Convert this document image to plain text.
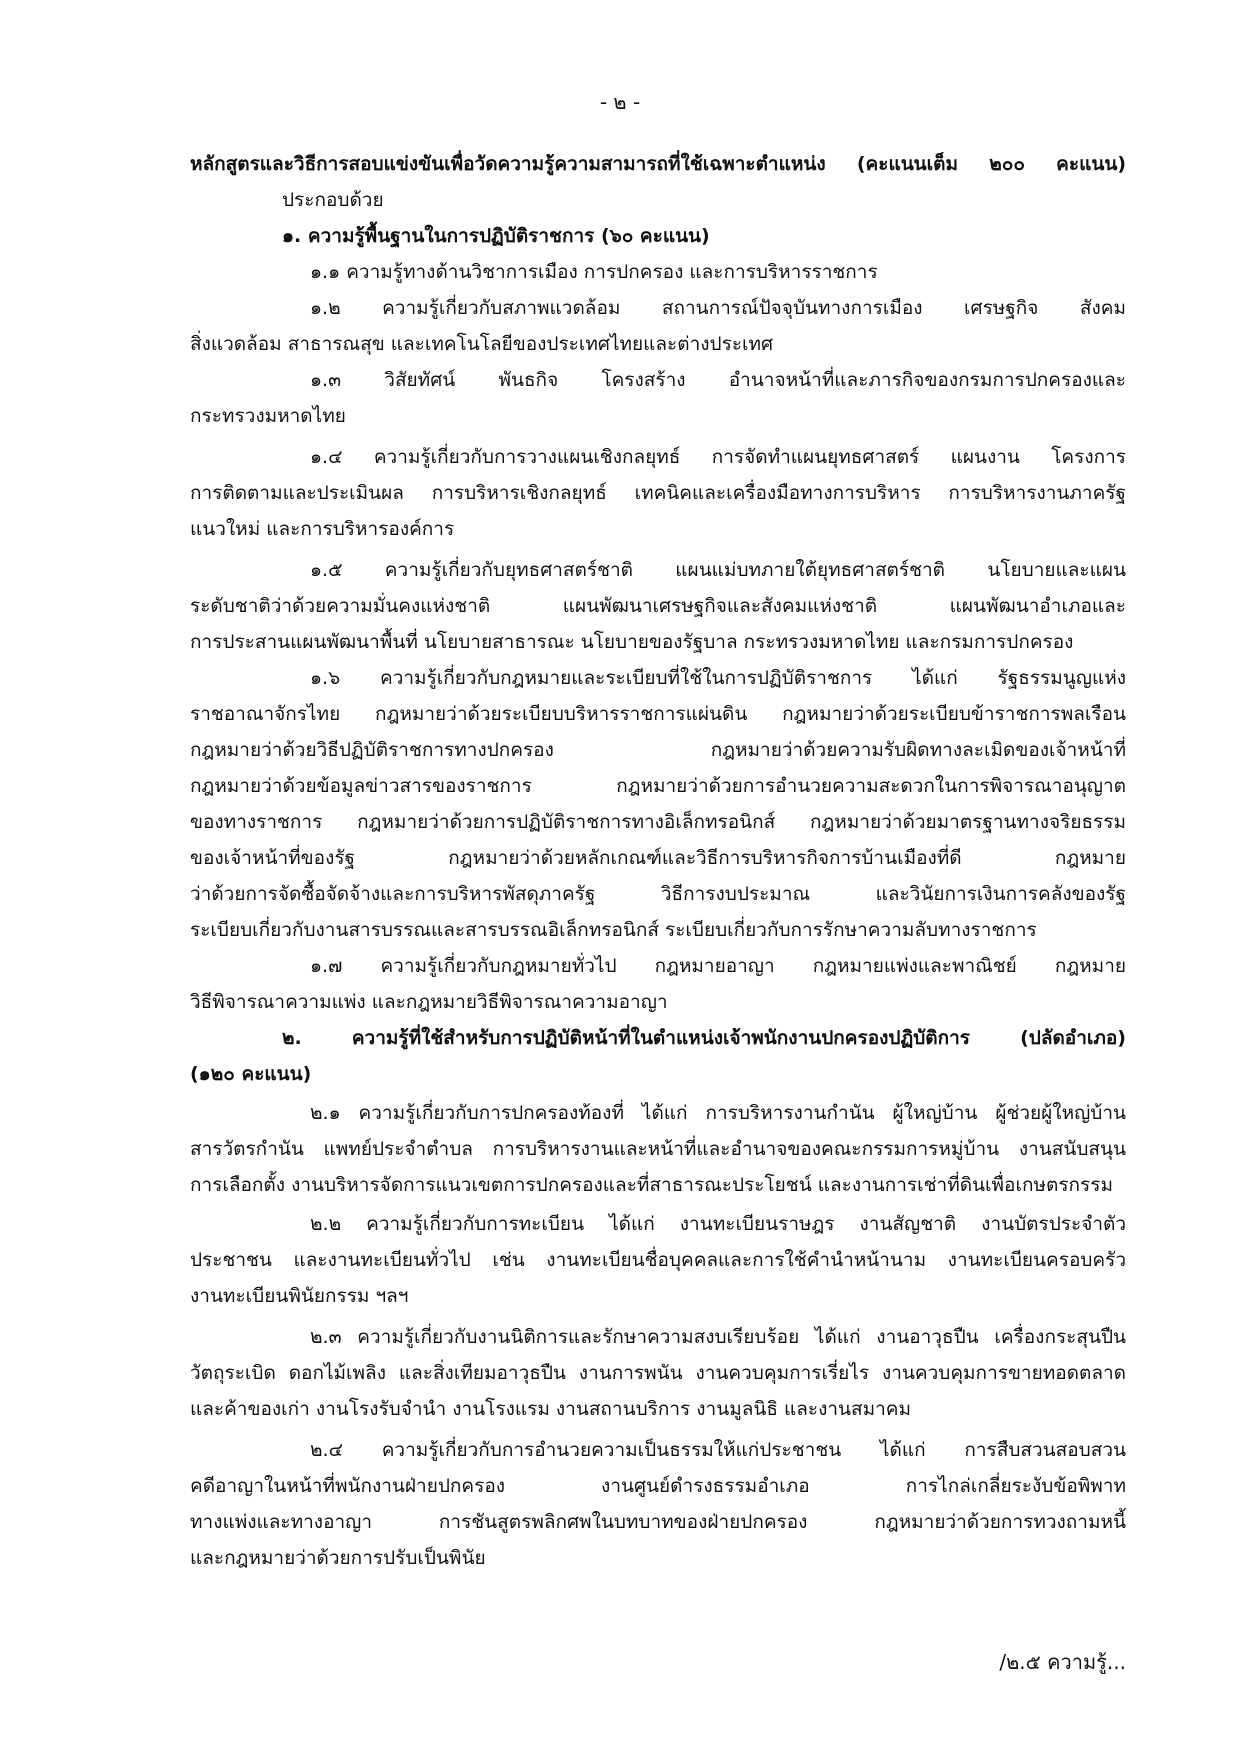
- ๒ -
หลักสูตรและวิธีการสอบแข่งขันเพื่อวัดความรู้ความสามารถที่ใช้เฉพาะตำแหน่ง (คะแนนเต็ม ๒๐๐ คะแนน)
ประกอบด้วย
๑. ความรู้พื้นฐานในการปฏิบัติราชการ (๖๐ คะแนน)
๑.๑ ความรู้ทางด้านวิชาการเมือง การปกครอง และการบริหารราชการ
๑.๒ ความรู้เกี่ยวกับสภาพแวดล้อม สถานการณ์ปัจจุบันทางการเมือง เศรษฐกิจ สังคม
สิ่งแวดล้อม สาธารณสุข และเทคโนโลยีของประเทศไทยและต่างประเทศ
๑.๓ วิสัยทัศน์ พันธกิจ โครงสร้าง อำนาจหน้าที่และภารกิจของกรมการปกครองและ
กระทรวงมหาดไทย
๑.๔ ความรู้เกี่ยวกับการวางแผนเชิงกลยุทธ์ การจัดทำแผนยุทธศาสตร์ แผนงาน โครงการ
การติดตามและประเมินผล การบริหารเชิงกลยุทธ์ เทคนิคและเครื่องมือทางการบริหาร การบริหารงานภาครัฐ
แนวใหม่ และการบริหารองค์การ
๑.๕ ความรู้เกี่ยวกับยุทธศาสตร์ชาติ แผนแม่บทภายใต้ยุทธศาสตร์ชาติ นโยบายและแผน
ระดับชาติว่าด้วยความมั่นคงแห่งชาติ แผนพัฒนาเศรษฐกิจและสังคมแห่งชาติ แผนพัฒนาอำเภอและ
การประสานแผนพัฒนาพื้นที่ นโยบายสาธารณะ นโยบายของรัฐบาล กระทรวงมหาดไทย และกรมการปกครอง
๑.๖ ความรู้เกี่ยวกับกฎหมายและระเบียบที่ใช้ในการปฏิบัติราชการ ได้แก่ รัฐธรรมนูญแห่ง
ราชอาณาจักรไทย กฎหมายว่าด้วยระเบียบบริหารราชการแผ่นดิน กฎหมายว่าด้วยระเบียบข้าราชการพลเรือน
กฎหมายว่าด้วยวิธีปฏิบัติราชการทางปกครอง กฎหมายว่าด้วยความรับผิดทางละเมิดของเจ้าหน้าที่
กฎหมายว่าด้วยข้อมูลข่าวสารของราชการ กฎหมายว่าด้วยการอำนวยความสะดวกในการพิจารณาอนุญาต
ของทางราชการ กฎหมายว่าด้วยการปฏิบัติราชการทางอิเล็กทรอนิกส์ กฎหมายว่าด้วยมาตรฐานทางจริยธรรม
ของเจ้าหน้าที่ของรัฐ กฎหมายว่าด้วยหลักเกณฑ์และวิธีการบริหารกิจการบ้านเมืองที่ดี กฎหมาย
ว่าด้วยการจัดซื้อจัดจ้างและการบริหารพัสดุภาครัฐ วิธีการงบประมาณ และวินัยการเงินการคลังของรัฐ
ระเบียบเกี่ยวกับงานสารบรรณและสารบรรณอิเล็กทรอนิกส์ ระเบียบเกี่ยวกับการรักษาความลับทางราชการ
๑.๗ ความรู้เกี่ยวกับกฎหมายทั่วไป กฎหมายอาญา กฎหมายแพ่งและพาณิชย์ กฎหมาย
วิธีพิจารณาความแพ่ง และกฎหมายวิธีพิจารณาความอาญา
๒. ความรู้ที่ใช้สำหรับการปฏิบัติหน้าที่ในตำแหน่งเจ้าพนักงานปกครองปฏิบัติการ (ปลัดอำเภอ)
(๑๒๐ คะแนน)
๒.๑ ความรู้เกี่ยวกับการปกครองท้องที่ ได้แก่ การบริหารงานกำนัน ผู้ใหญ่บ้าน ผู้ช่วยผู้ใหญ่บ้าน
สารวัตรกำนัน แพทย์ประจำตำบล การบริหารงานและหน้าที่และอำนาจของคณะกรรมการหมู่บ้าน งานสนับสนุน
การเลือกตั้ง งานบริหารจัดการแนวเขตการปกครองและที่สาธารณะประโยชน์ และงานการเช่าที่ดินเพื่อเกษตรกรรม
๒.๒ ความรู้เกี่ยวกับการทะเบียน ได้แก่ งานทะเบียนราษฎร งานสัญชาติ งานบัตรประจำตัว
ประชาชน และงานทะเบียนทั่วไป เช่น งานทะเบียนชื่อบุคคลและการใช้คำนำหน้านาม งานทะเบียนครอบครัว
งานทะเบียนพินัยกรรม ฯลฯ
๒.๓ ความรู้เกี่ยวกับงานนิติการและรักษาความสงบเรียบร้อย ได้แก่ งานอาวุธปืน เครื่องกระสุนปืน
วัตถุระเบิด ดอกไม้เพลิง และสิ่งเทียมอาวุธปืน งานการพนัน งานควบคุมการเรี่ยไร งานควบคุมการขายทอดตลาด
และค้าของเก่า งานโรงรับจำนำ งานโรงแรม งานสถานบริการ งานมูลนิธิ และงานสมาคม
๒.๔ ความรู้เกี่ยวกับการอำนวยความเป็นธรรมให้แก่ประชาชน ได้แก่ การสืบสวนสอบสวน
คดีอาญาในหน้าที่พนักงานฝ่ายปกครอง งานศูนย์ดำรงธรรมอำเภอ การไกล่เกลี่ยระงับข้อพิพาท
ทางแพ่งและทางอาญา การชันสูตรพลิกศพในบทบาทของฝ่ายปกครอง กฎหมายว่าด้วยการทวงถามหนี้
และกฎหมายว่าด้วยการปรับเป็นพินัย
/๒.๕ ความรู้...
